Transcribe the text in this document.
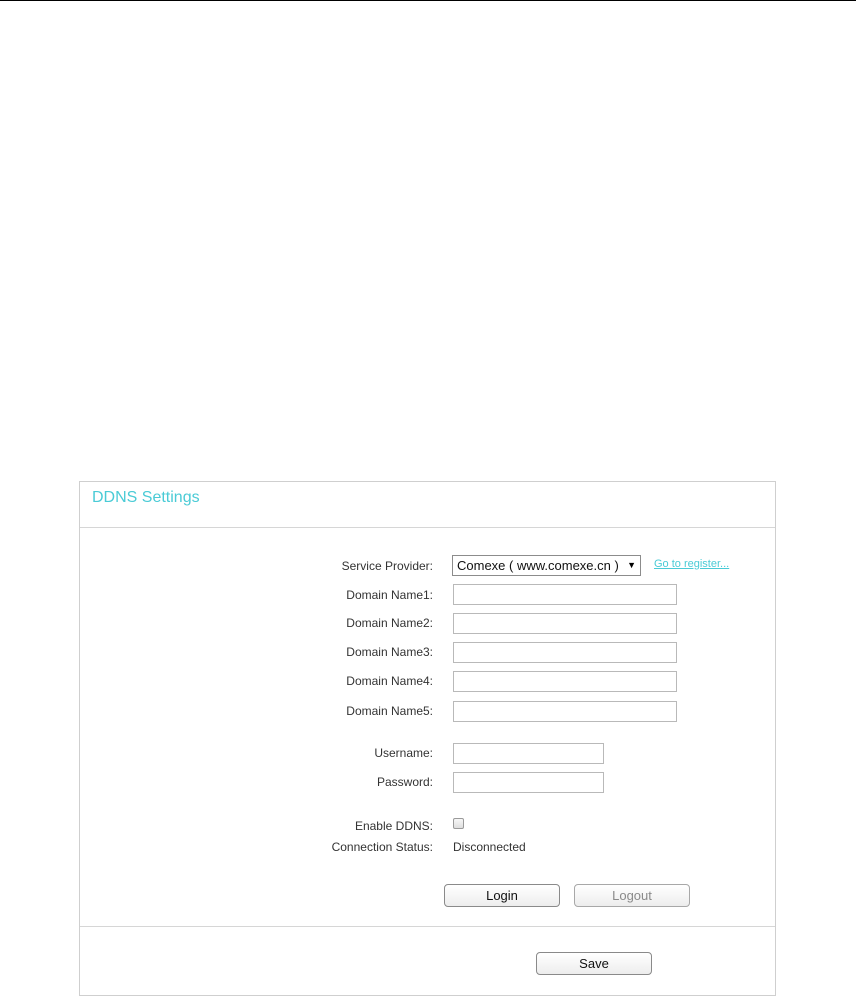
DDNS Settings
Service Provider:	Comexe ( www.comexe.cn ) ▼ Go to register...
Domain Name1:
Domain Name2:
Domain Name3:
Domain Name4:
Domain Name5:
Username:
Password:
Enable DDNS:
Connection Status: Disconnected
Login	Logout
Save
